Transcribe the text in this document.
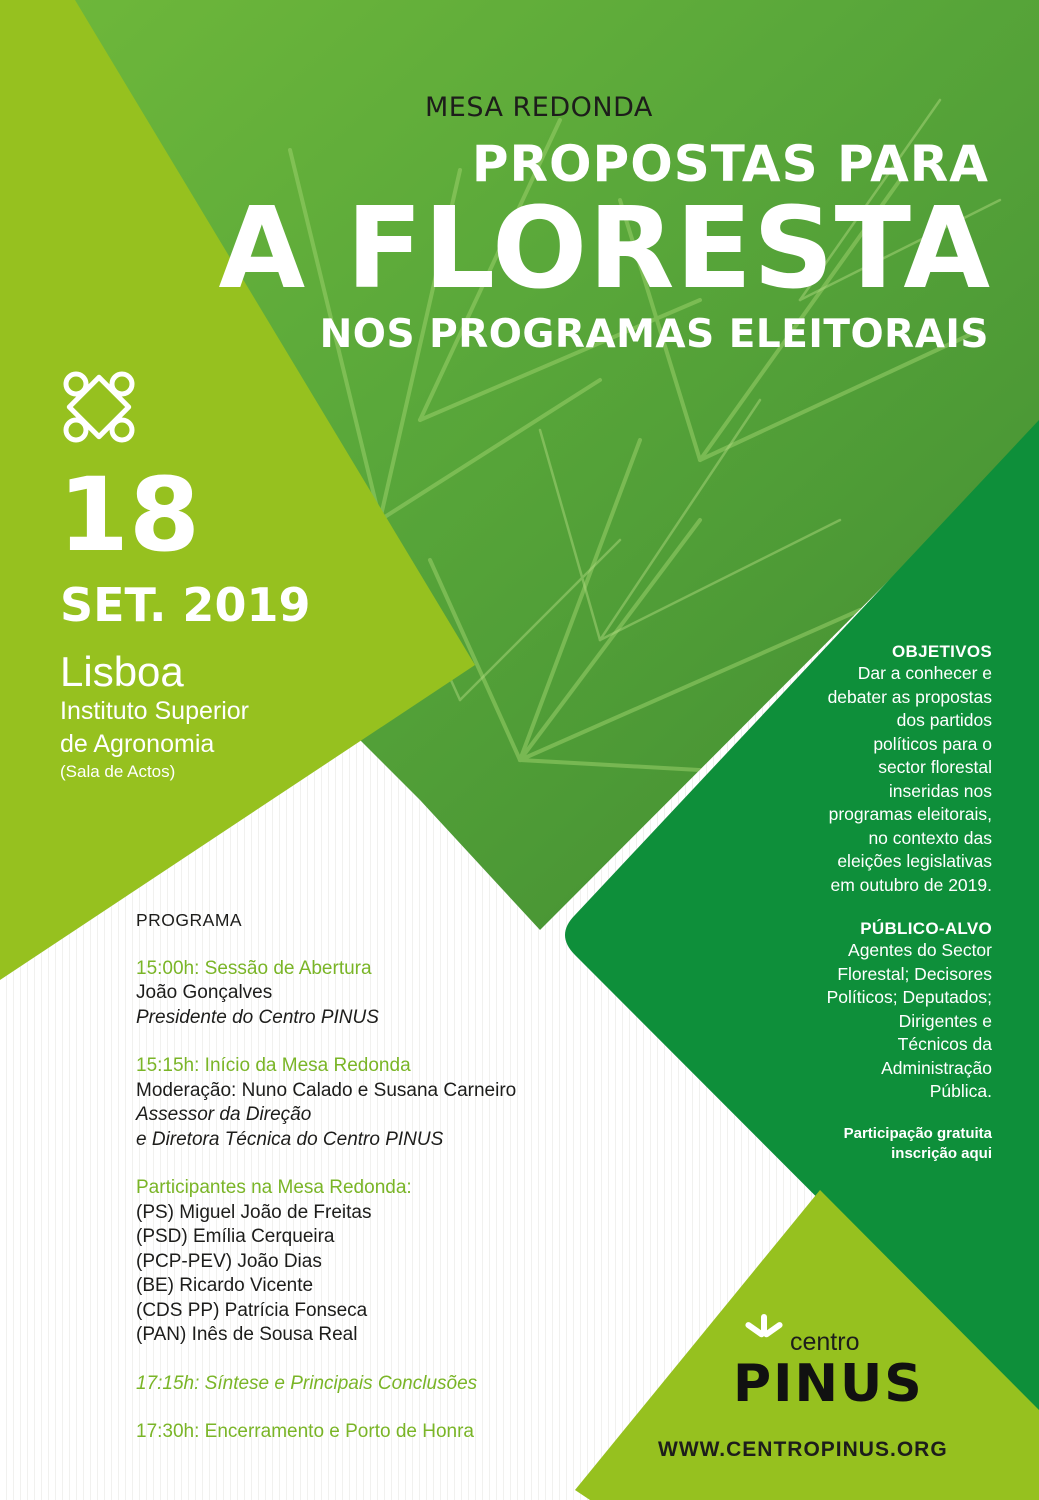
MESA REDONDA
PROPOSTAS PARA
A FLORESTA
NOS PROGRAMAS ELEITORAIS
18
SET. 2019
Lisboa
Instituto Superior
de Agronomia
(Sala de Actos)
OBJETIVOS
Dar a conhecer e
debater as propostas
dos partidos
políticos para o
sector florestal
inseridas nos
programas eleitorais,
no contexto das
eleições legislativas
em outubro de 2019.
PÚBLICO-ALVO
Agentes do Sector
Florestal; Decisores
Políticos; Deputados;
Dirigentes e
Técnicos da
Administração
Pública.
Participação gratuita
inscrição aqui
PROGRAMA
15:00h: Sessão de Abertura
João Gonçalves
Presidente do Centro PINUS
15:15h: Início da Mesa Redonda
Moderação: Nuno Calado e Susana Carneiro
Assessor da Direção
e Diretora Técnica do Centro PINUS
Participantes na Mesa Redonda:
(PS) Miguel João de Freitas
(PSD) Emília Cerqueira
(PCP-PEV) João Dias
(BE) Ricardo Vicente
(CDS PP) Patrícia Fonseca
(PAN) Inês de Sousa Real
17:15h: Síntese e Principais Conclusões
17:30h: Encerramento e Porto de Honra
centro
PINUS
WWW.CENTROPINUS.ORG
